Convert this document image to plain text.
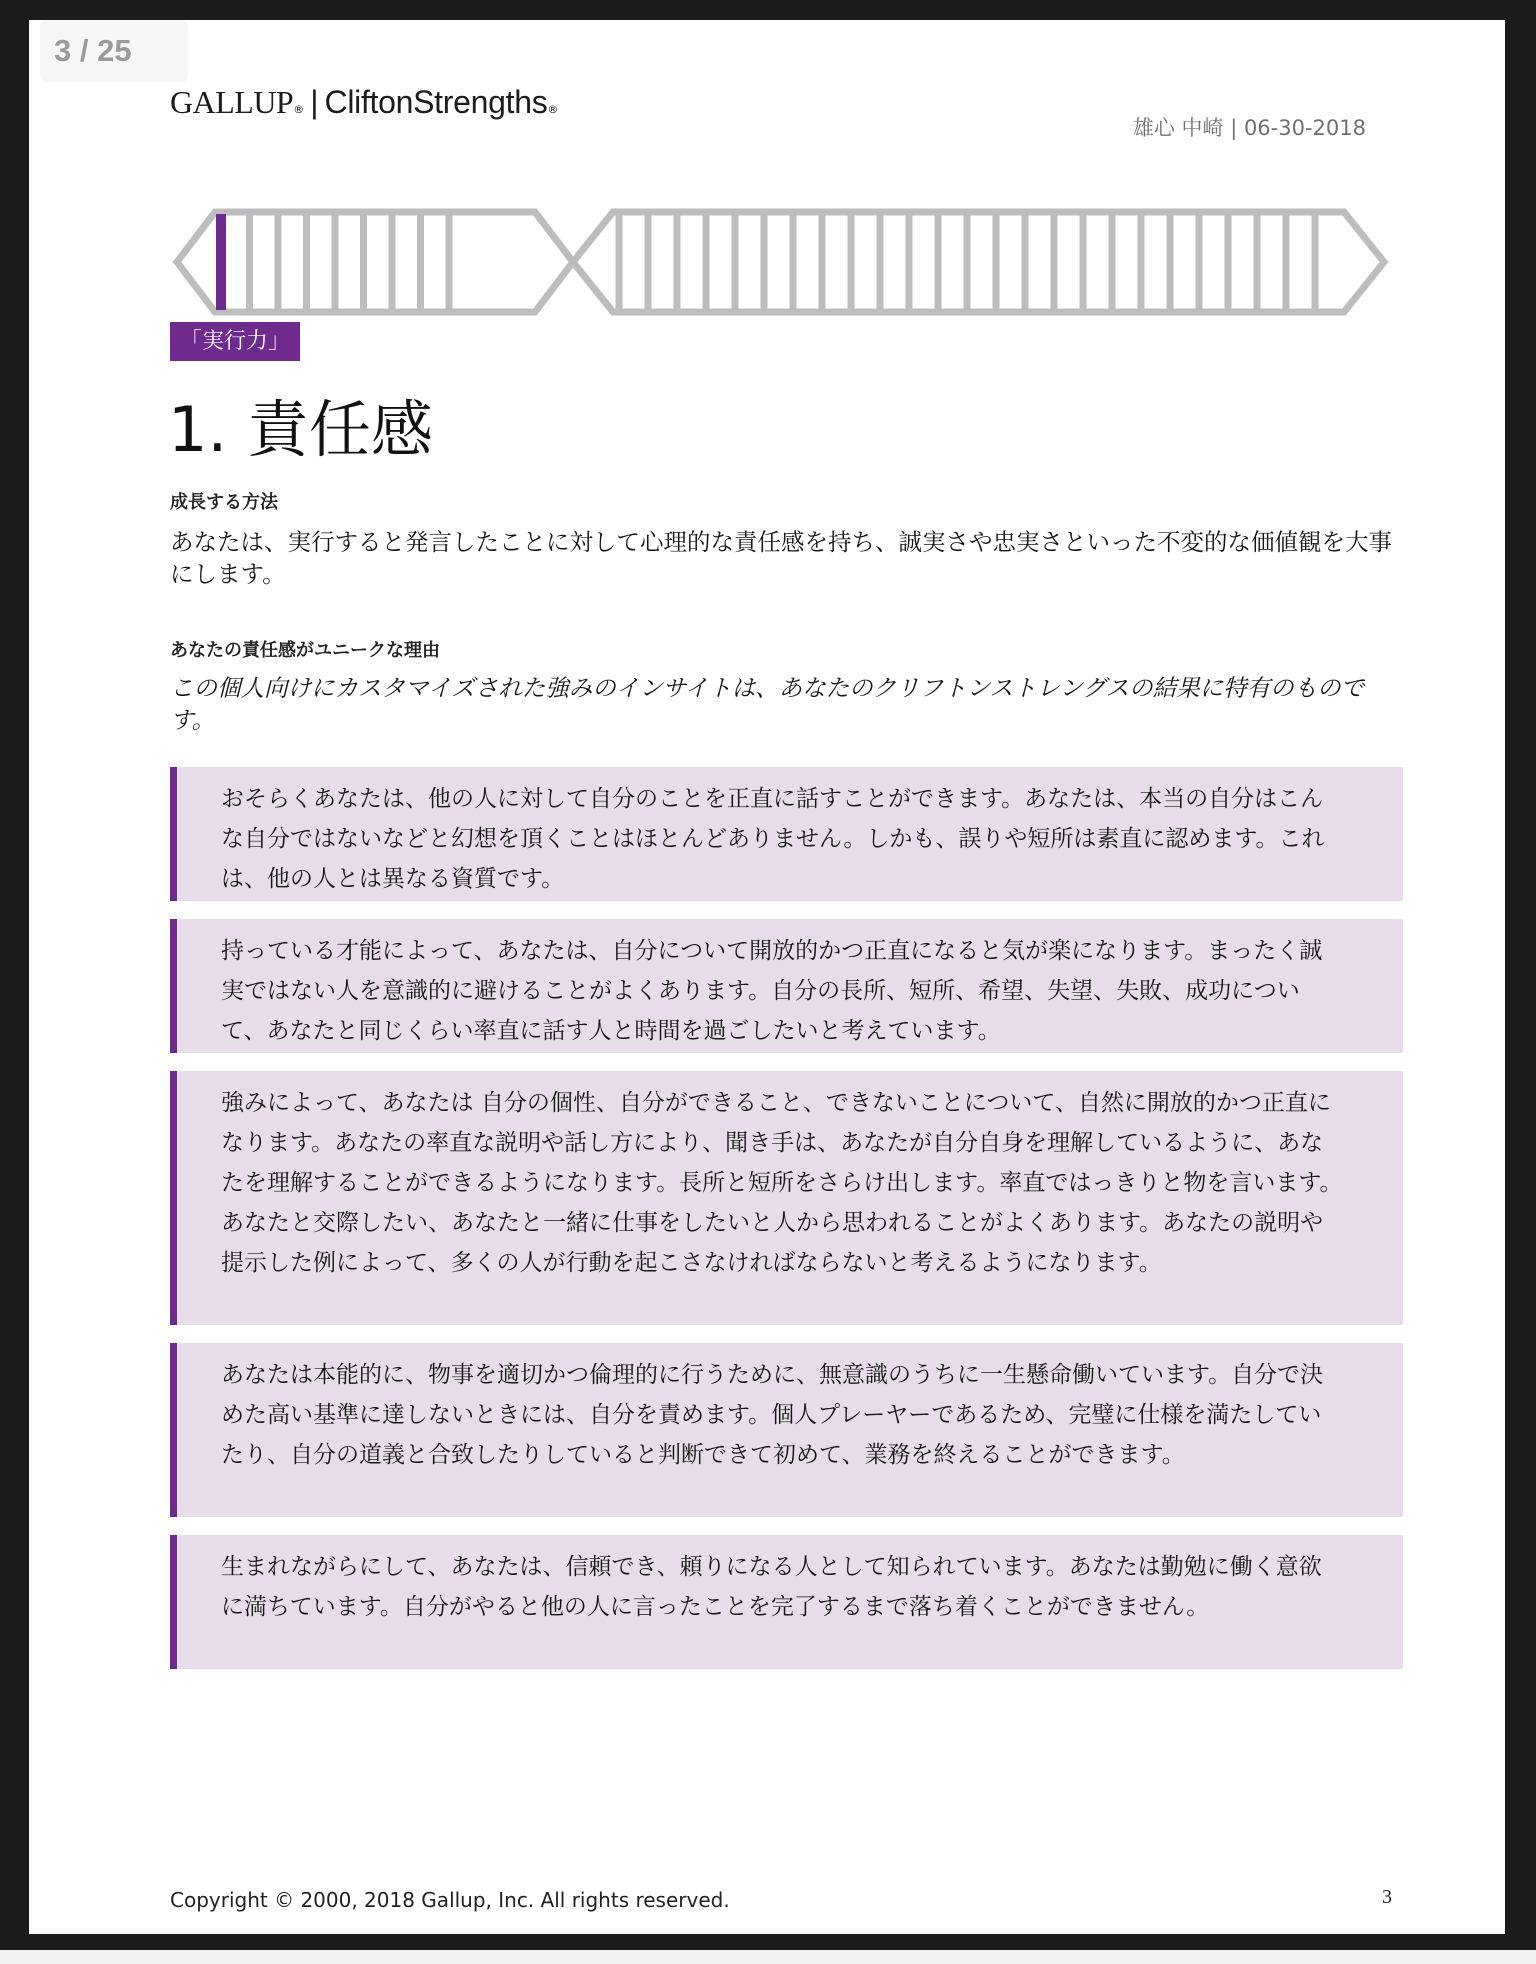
GALLUP ® | CliftonStrengths ®
雄心 中崎 | 06-30-2018
「実行力」
1. 責任感
成長する方法
あなたは、実行すると発言したことに対して心理的な責任感を持ち、誠実さや忠実さといった不変的な価値観を大事にします。
あなたの責任感がユニークな理由
この個人向けにカスタマイズされた強みのインサイトは、あなたのクリフトンストレングスの結果に特有のものです。
おそらくあなたは、他の人に対して自分のことを正直に話すことができます。あなたは、本当の自分はこんな自分ではないなどと幻想を頂くことはほとんどありません。しかも、誤りや短所は素直に認めます。これは、他の人とは異なる資質です。
持っている才能によって、あなたは、自分について開放的かつ正直になると気が楽になります。まったく誠実ではない人を意識的に避けることがよくあります。自分の長所、短所、希望、失望、失敗、成功について、あなたと同じくらい率直に話す人と時間を過ごしたいと考えています。
強みによって、あなたは 自分の個性、自分ができること、できないことについて、自然に開放的かつ正直になります。あなたの率直な説明や話し方により、聞き手は、あなたが自分自身を理解しているように、あなたを理解することができるようになります。長所と短所をさらけ出します。率直ではっきりと物を言います。あなたと交際したい、あなたと一緒に仕事をしたいと人から思われることがよくあります。あなたの説明や提示した例によって、多くの人が行動を起こさなければならないと考えるようになります。
あなたは本能的に、物事を適切かつ倫理的に行うために、無意識のうちに一生懸命働いています。自分で決めた高い基準に達しないときには、自分を責めます。個人プレーヤーであるため、完璧に仕様を満たしていたり、自分の道義と合致したりしていると判断できて初めて、業務を終えることができます。
生まれながらにして、あなたは、信頼でき、頼りになる人として知られています。あなたは勤勉に働く意欲に満ちています。自分がやると他の人に言ったことを完了するまで落ち着くことができません。
Copyright © 2000, 2018 Gallup, Inc. All rights reserved.	3
3 / 25
